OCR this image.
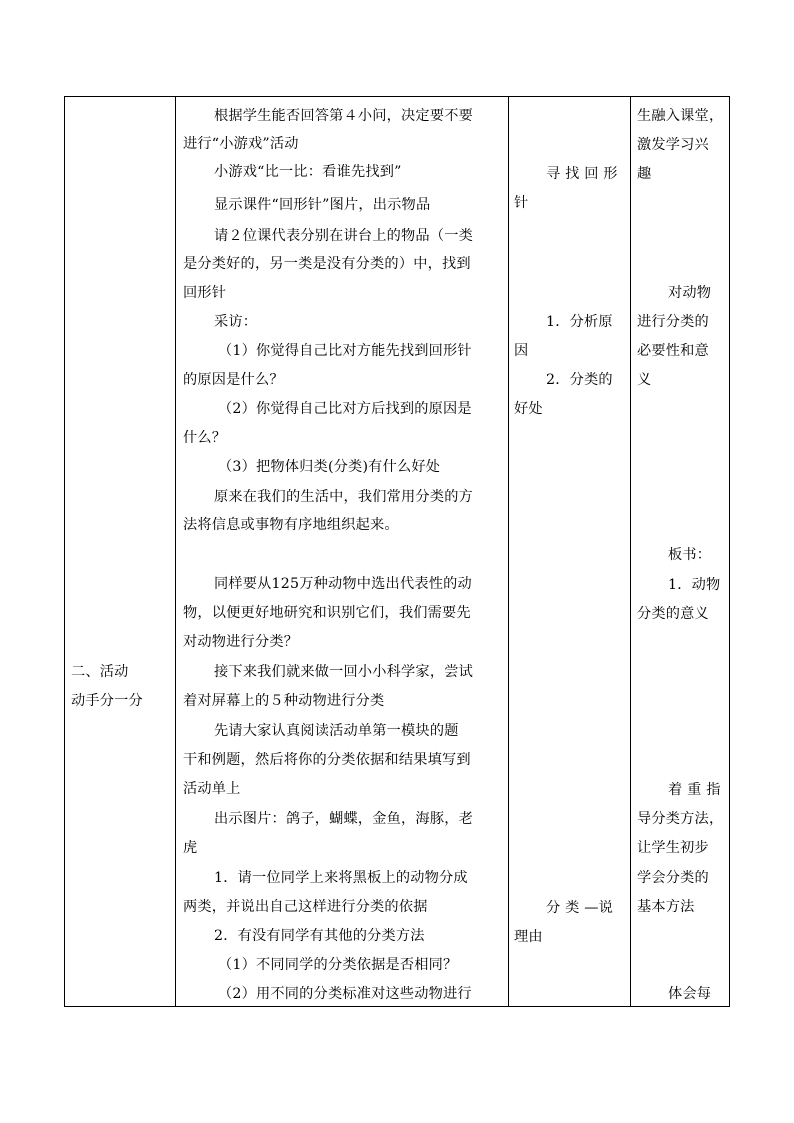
二、活动
动手分一分
根据学生能否回答第４小问，决定要不要
进行“小游戏”活动
小游戏“比一比：看谁先找到”
显示课件“回形针”图片，出示物品
请２位课代表分别在讲台上的物品（一类
是分类好的，另一类是没有分类的）中，找到
回形针
采访：
（1）你觉得自己比对方能先找到回形针
的原因是什么？
（2）你觉得自己比对方后找到的原因是
什么？
（3）把物体归类(分类)有什么好处
原来在我们的生活中，我们常用分类的方
法将信息或事物有序地组织起来。
同样要从125万种动物中选出代表性的动
物，以便更好地研究和识别它们，我们需要先
对动物进行分类？
接下来我们就来做一回小小科学家，尝试
着对屏幕上的５种动物进行分类
先请大家认真阅读活动单第一模块的题
干和例题，然后将你的分类依据和结果填写到
活动单上
出示图片：鸽子，蝴蝶，金鱼，海豚，老
虎
1．请一位同学上来将黑板上的动物分成
两类，并说出自己这样进行分类的依据
2．有没有同学有其他的分类方法
（1）不同同学的分类依据是否相同？
（2）用不同的分类标准对这些动物进行
寻 找 回 形
针
1．分析原
因
2．分类的
好处
分 类 —说
理由
生融入课堂，
激发学习兴
趣
对动物
进行分类的
必要性和意
义
板书：
1．动物
分类的意义
着 重 指
导分类方法，
让学生初步
学会分类的
基本方法
体会每
